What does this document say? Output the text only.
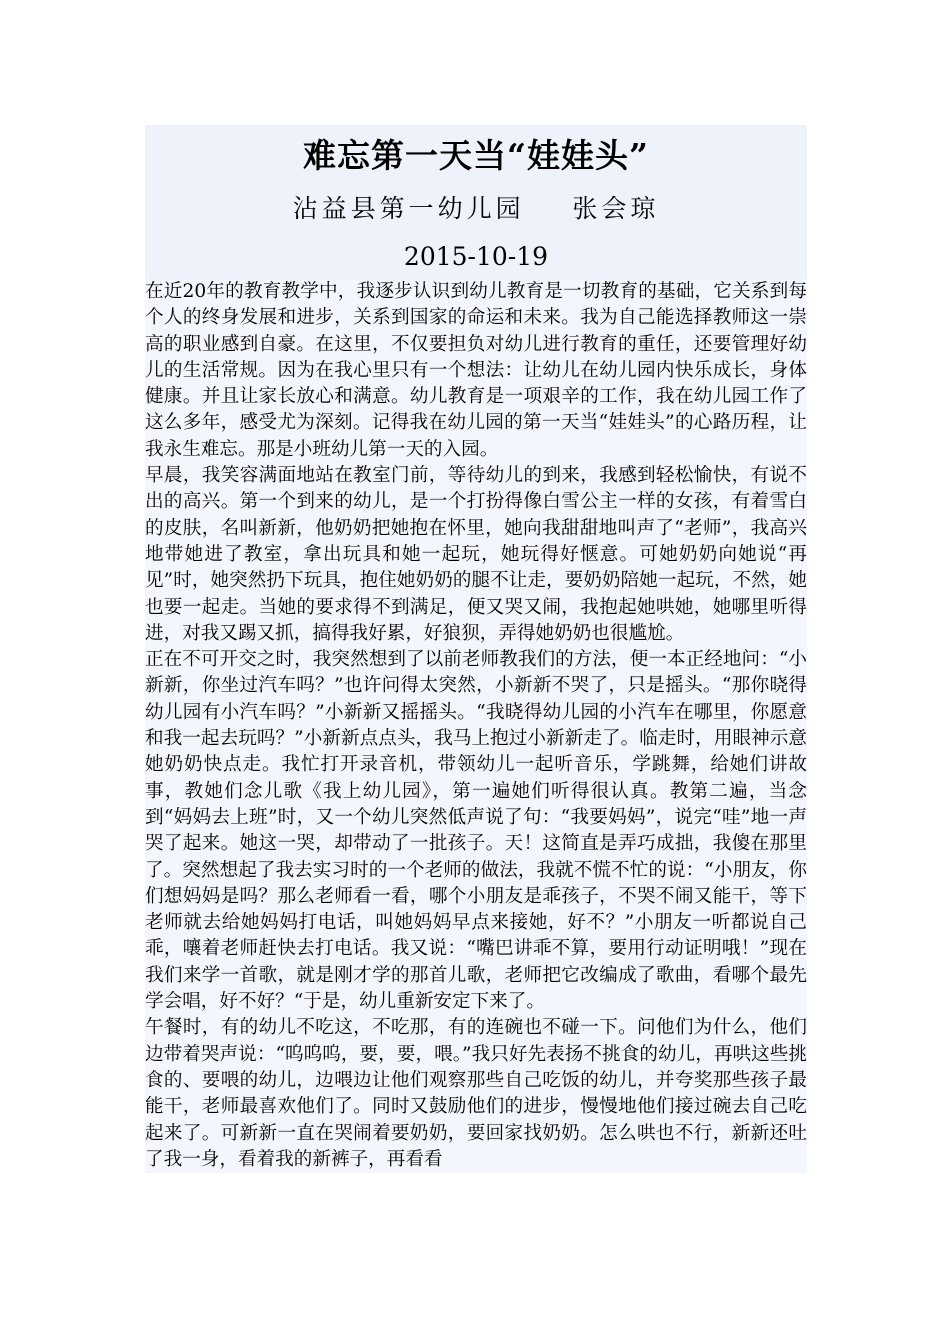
难忘第一天当“娃娃头”
沾益县第一幼儿园    张会琼
2015-10-19

在近20年的教育教学中，我逐步认识到幼儿教育是一切教育的基础，它关系到每个人的终身发展和进步，关系到国家的命运和未来。我为自己能选择教师这一崇高的职业感到自豪。在这里，不仅要担负对幼儿进行教育的重任，还要管理好幼儿的生活常规。因为在我心里只有一个想法：让幼儿在幼儿园内快乐成长，身体健康。并且让家长放心和满意。幼儿教育是一项艰辛的工作，我在幼儿园工作了这么多年，感受尤为深刻。记得我在幼儿园的第一天当“娃娃头”的心路历程，让我永生难忘。那是小班幼儿第一天的入园。

早晨，我笑容满面地站在教室门前，等待幼儿的到来，我感到轻松愉快，有说不出的高兴。第一个到来的幼儿，是一个打扮得像白雪公主一样的女孩，有着雪白的皮肤，名叫新新，他奶奶把她抱在怀里，她向我甜甜地叫声了“老师”，我高兴地带她进了教室，拿出玩具和她一起玩，她玩得好惬意。可她奶奶向她说“再见”时，她突然扔下玩具，抱住她奶奶的腿不让走，要奶奶陪她一起玩，不然，她也要一起走。当她的要求得不到满足，便又哭又闹，我抱起她哄她，她哪里听得进，对我又踢又抓，搞得我好累，好狼狈，弄得她奶奶也很尴尬。

正在不可开交之时，我突然想到了以前老师教我们的方法，便一本正经地问：“小新新，你坐过汽车吗？”也许问得太突然，小新新不哭了，只是摇头。“那你晓得幼儿园有小汽车吗？”小新新又摇摇头。“我晓得幼儿园的小汽车在哪里，你愿意和我一起去玩吗？”小新新点点头，我马上抱过小新新走了。临走时，用眼神示意她奶奶快点走。我忙打开录音机，带领幼儿一起听音乐，学跳舞，给她们讲故事，教她们念儿歌《我上幼儿园》，第一遍她们听得很认真。教第二遍，当念到“妈妈去上班”时，又一个幼儿突然低声说了句：“我要妈妈”，说完“哇”地一声哭了起来。她这一哭，却带动了一批孩子。天！这简直是弄巧成拙，我傻在那里了。突然想起了我去实习时的一个老师的做法，我就不慌不忙的说：“小朋友，你们想妈妈是吗？那么老师看一看，哪个小朋友是乖孩子，不哭不闹又能干，等下老师就去给她妈妈打电话，叫她妈妈早点来接她，好不？”小朋友一听都说自己乖，嚷着老师赶快去打电话。我又说：“嘴巴讲乖不算，要用行动证明哦！”现在我们来学一首歌，就是刚才学的那首儿歌，老师把它改编成了歌曲，看哪个最先学会唱，好不好？“于是，幼儿重新安定下来了。

午餐时，有的幼儿不吃这，不吃那，有的连碗也不碰一下。问他们为什么，他们边带着哭声说：“呜呜呜，要，要，喂。”我只好先表扬不挑食的幼儿，再哄这些挑食的、要喂的幼儿，边喂边让他们观察那些自己吃饭的幼儿，并夸奖那些孩子最能干，老师最喜欢他们了。同时又鼓励他们的进步，慢慢地他们接过碗去自己吃起来了。可新新一直在哭闹着要奶奶，要回家找奶奶。怎么哄也不行，新新还吐了我一身，看着我的新裤子，再看看
